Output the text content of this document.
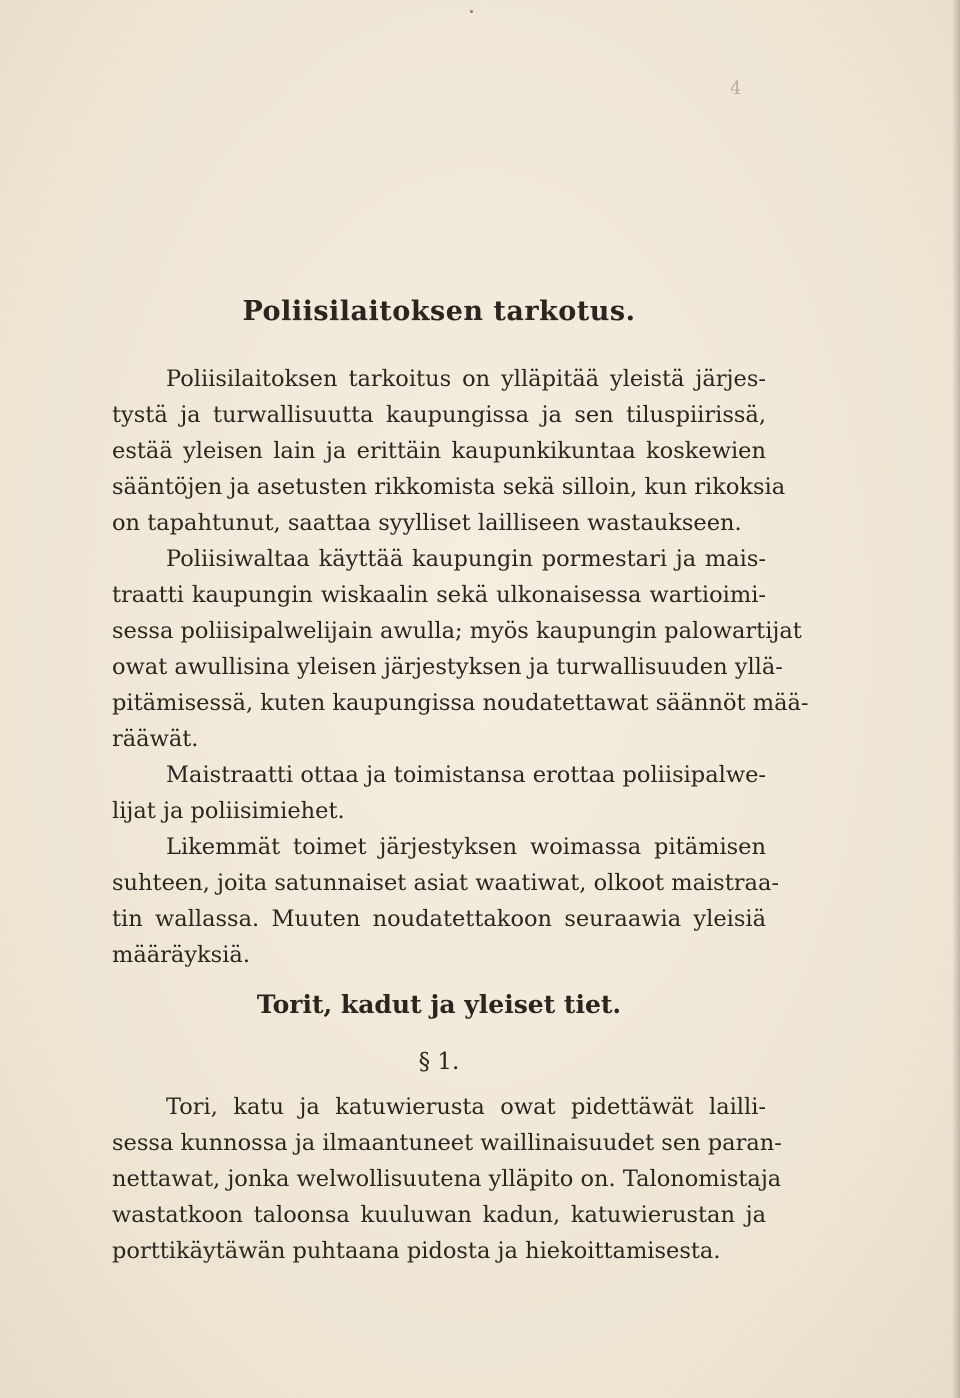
4
Poliisilaitoksen tarkotus.
Poliisilaitoksen tarkoitus on ylläpitää yleistä järjes-
tystä ja turwallisuutta kaupungissa ja sen tiluspiirissä,
estää yleisen lain ja erittäin kaupunkikuntaa koskewien
sääntöjen ja asetusten rikkomista sekä silloin, kun rikoksia
on tapahtunut, saattaa syylliset lailliseen wastaukseen.
Poliisiwaltaa käyttää kaupungin pormestari ja mais-
traatti kaupungin wiskaalin sekä ulkonaisessa wartioimi-
sessa poliisipalwelijain awulla; myös kaupungin palowartijat
owat awullisina yleisen järjestyksen ja turwallisuuden yllä-
pitämisessä, kuten kaupungissa noudatettawat säännöt mää-
rääwät.
Maistraatti ottaa ja toimistansa erottaa poliisipalwe-
lijat ja poliisimiehet.
Likemmät toimet järjestyksen woimassa pitämisen
suhteen, joita satunnaiset asiat waatiwat, olkoot maistraa-
tin wallassa. Muuten noudatettakoon seuraawia yleisiä
määräyksiä.
Torit, kadut ja yleiset tiet.
§ 1.
Tori, katu ja katuwierusta owat pidettäwät lailli-
sessa kunnossa ja ilmaantuneet waillinaisuudet sen paran-
nettawat, jonka welwollisuutena ylläpito on. Talonomistaja
wastatkoon taloonsa kuuluwan kadun, katuwierustan ja
porttikäytäwän puhtaana pidosta ja hiekoittamisesta.
